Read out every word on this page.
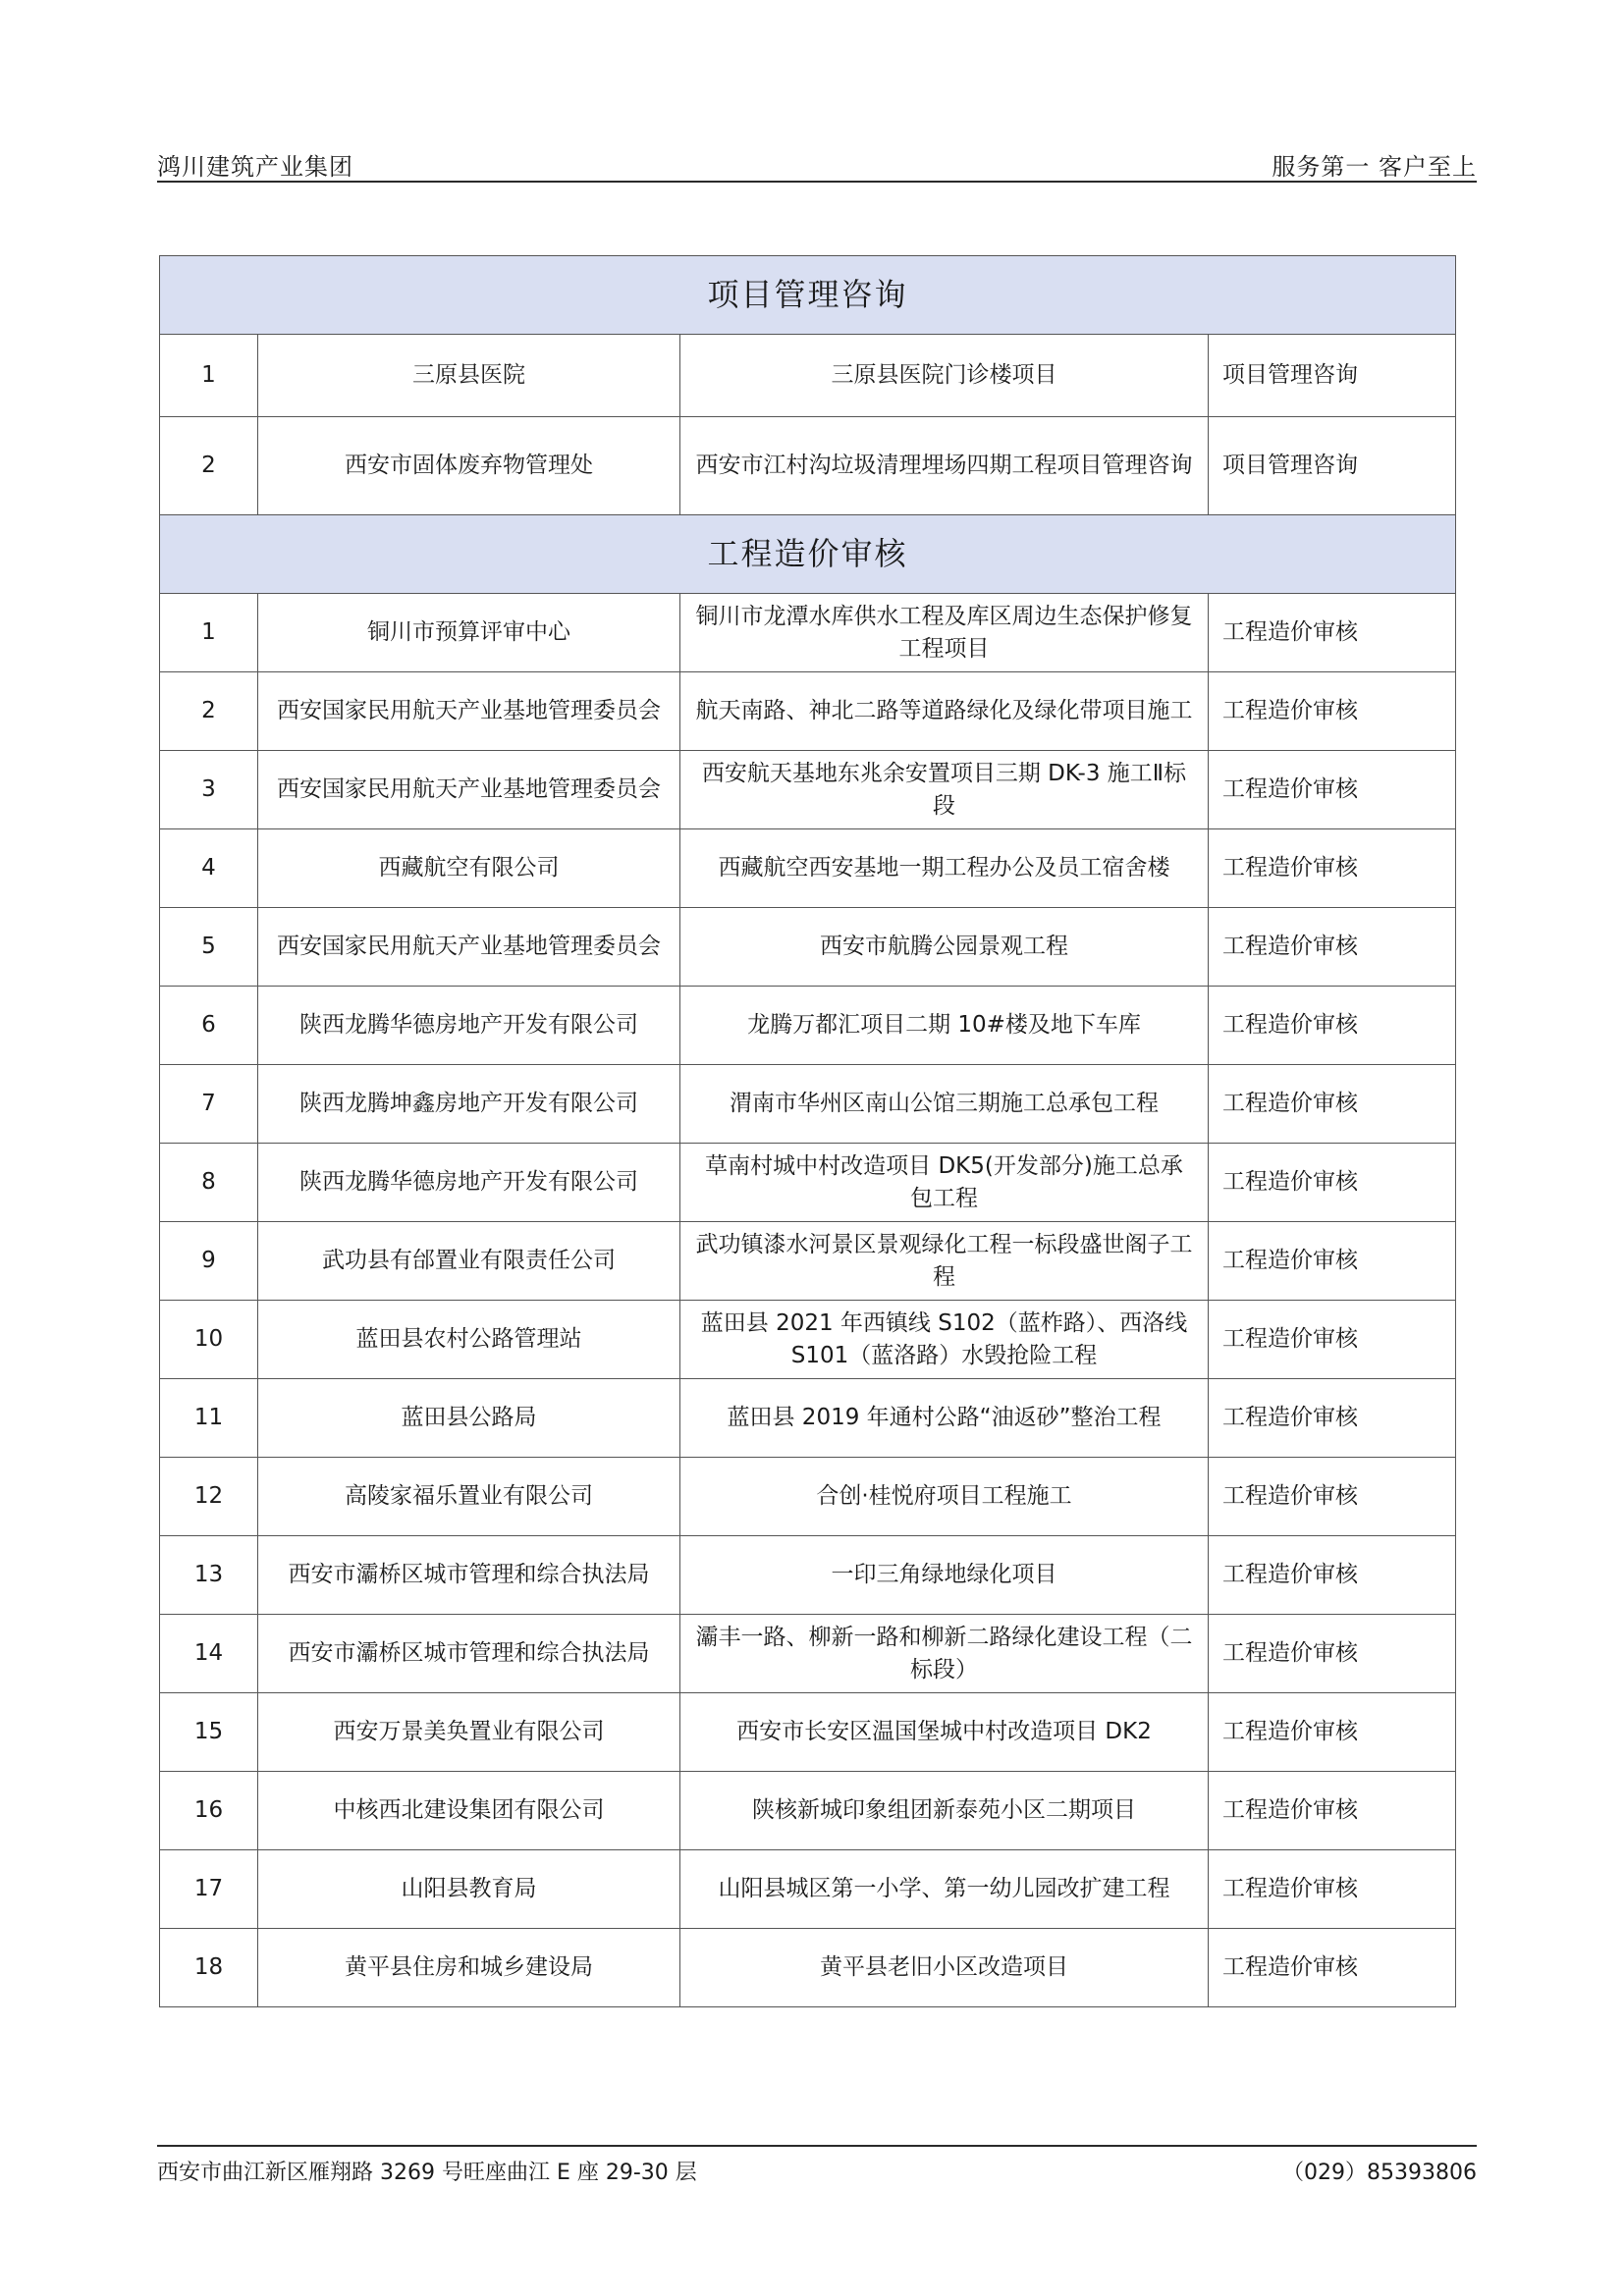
鸿川建筑产业集团	服务第一 客户至上
项目管理咨询			
1	三原县医院	三原县医院门诊楼项目	项目管理咨询
2	西安市固体废弃物管理处	西安市江村沟垃圾清理埋场四期工程项目管理咨询	项目管理咨询
工程造价审核			
1	铜川市预算评审中心	铜川市龙潭水库供水工程及库区周边生态保护修复工程项目	工程造价审核
2	西安国家民用航天产业基地管理委员会	航天南路、神北二路等道路绿化及绿化带项目施工	工程造价审核
3	西安国家民用航天产业基地管理委员会	西安航天基地东兆余安置项目三期 DK-3 施工Ⅱ标段	工程造价审核
4	西藏航空有限公司	西藏航空西安基地一期工程办公及员工宿舍楼	工程造价审核
5	西安国家民用航天产业基地管理委员会	西安市航腾公园景观工程	工程造价审核
6	陕西龙腾华德房地产开发有限公司	龙腾万都汇项目二期 10#楼及地下车库	工程造价审核
7	陕西龙腾坤鑫房地产开发有限公司	渭南市华州区南山公馆三期施工总承包工程	工程造价审核
8	陕西龙腾华德房地产开发有限公司	草南村城中村改造项目 DK5(开发部分)施工总承包工程	工程造价审核
9	武功县有邰置业有限责任公司	武功镇漆水河景区景观绿化工程一标段盛世阁子工程	工程造价审核
10	蓝田县农村公路管理站	蓝田县 2021 年西镇线 S102（蓝柞路）、西洛线 S101（蓝洛路）水毁抢险工程	工程造价审核
11	蓝田县公路局	蓝田县 2019 年通村公路“油返砂”整治工程	工程造价审核
12	高陵家福乐置业有限公司	合创·桂悦府项目工程施工	工程造价审核
13	西安市灞桥区城市管理和综合执法局	一印三角绿地绿化项目	工程造价审核
14	西安市灞桥区城市管理和综合执法局	灞丰一路、柳新一路和柳新二路绿化建设工程（二标段）	工程造价审核
15	西安万景美奂置业有限公司	西安市长安区温国堡城中村改造项目 DK2	工程造价审核
16	中核西北建设集团有限公司	陕核新城印象组团新泰苑小区二期项目	工程造价审核
17	山阳县教育局	山阳县城区第一小学、第一幼儿园改扩建工程	工程造价审核
18	黄平县住房和城乡建设局	黄平县老旧小区改造项目	工程造价审核
西安市曲江新区雁翔路 3269 号旺座曲江 E 座 29-30 层	（029）85393806
